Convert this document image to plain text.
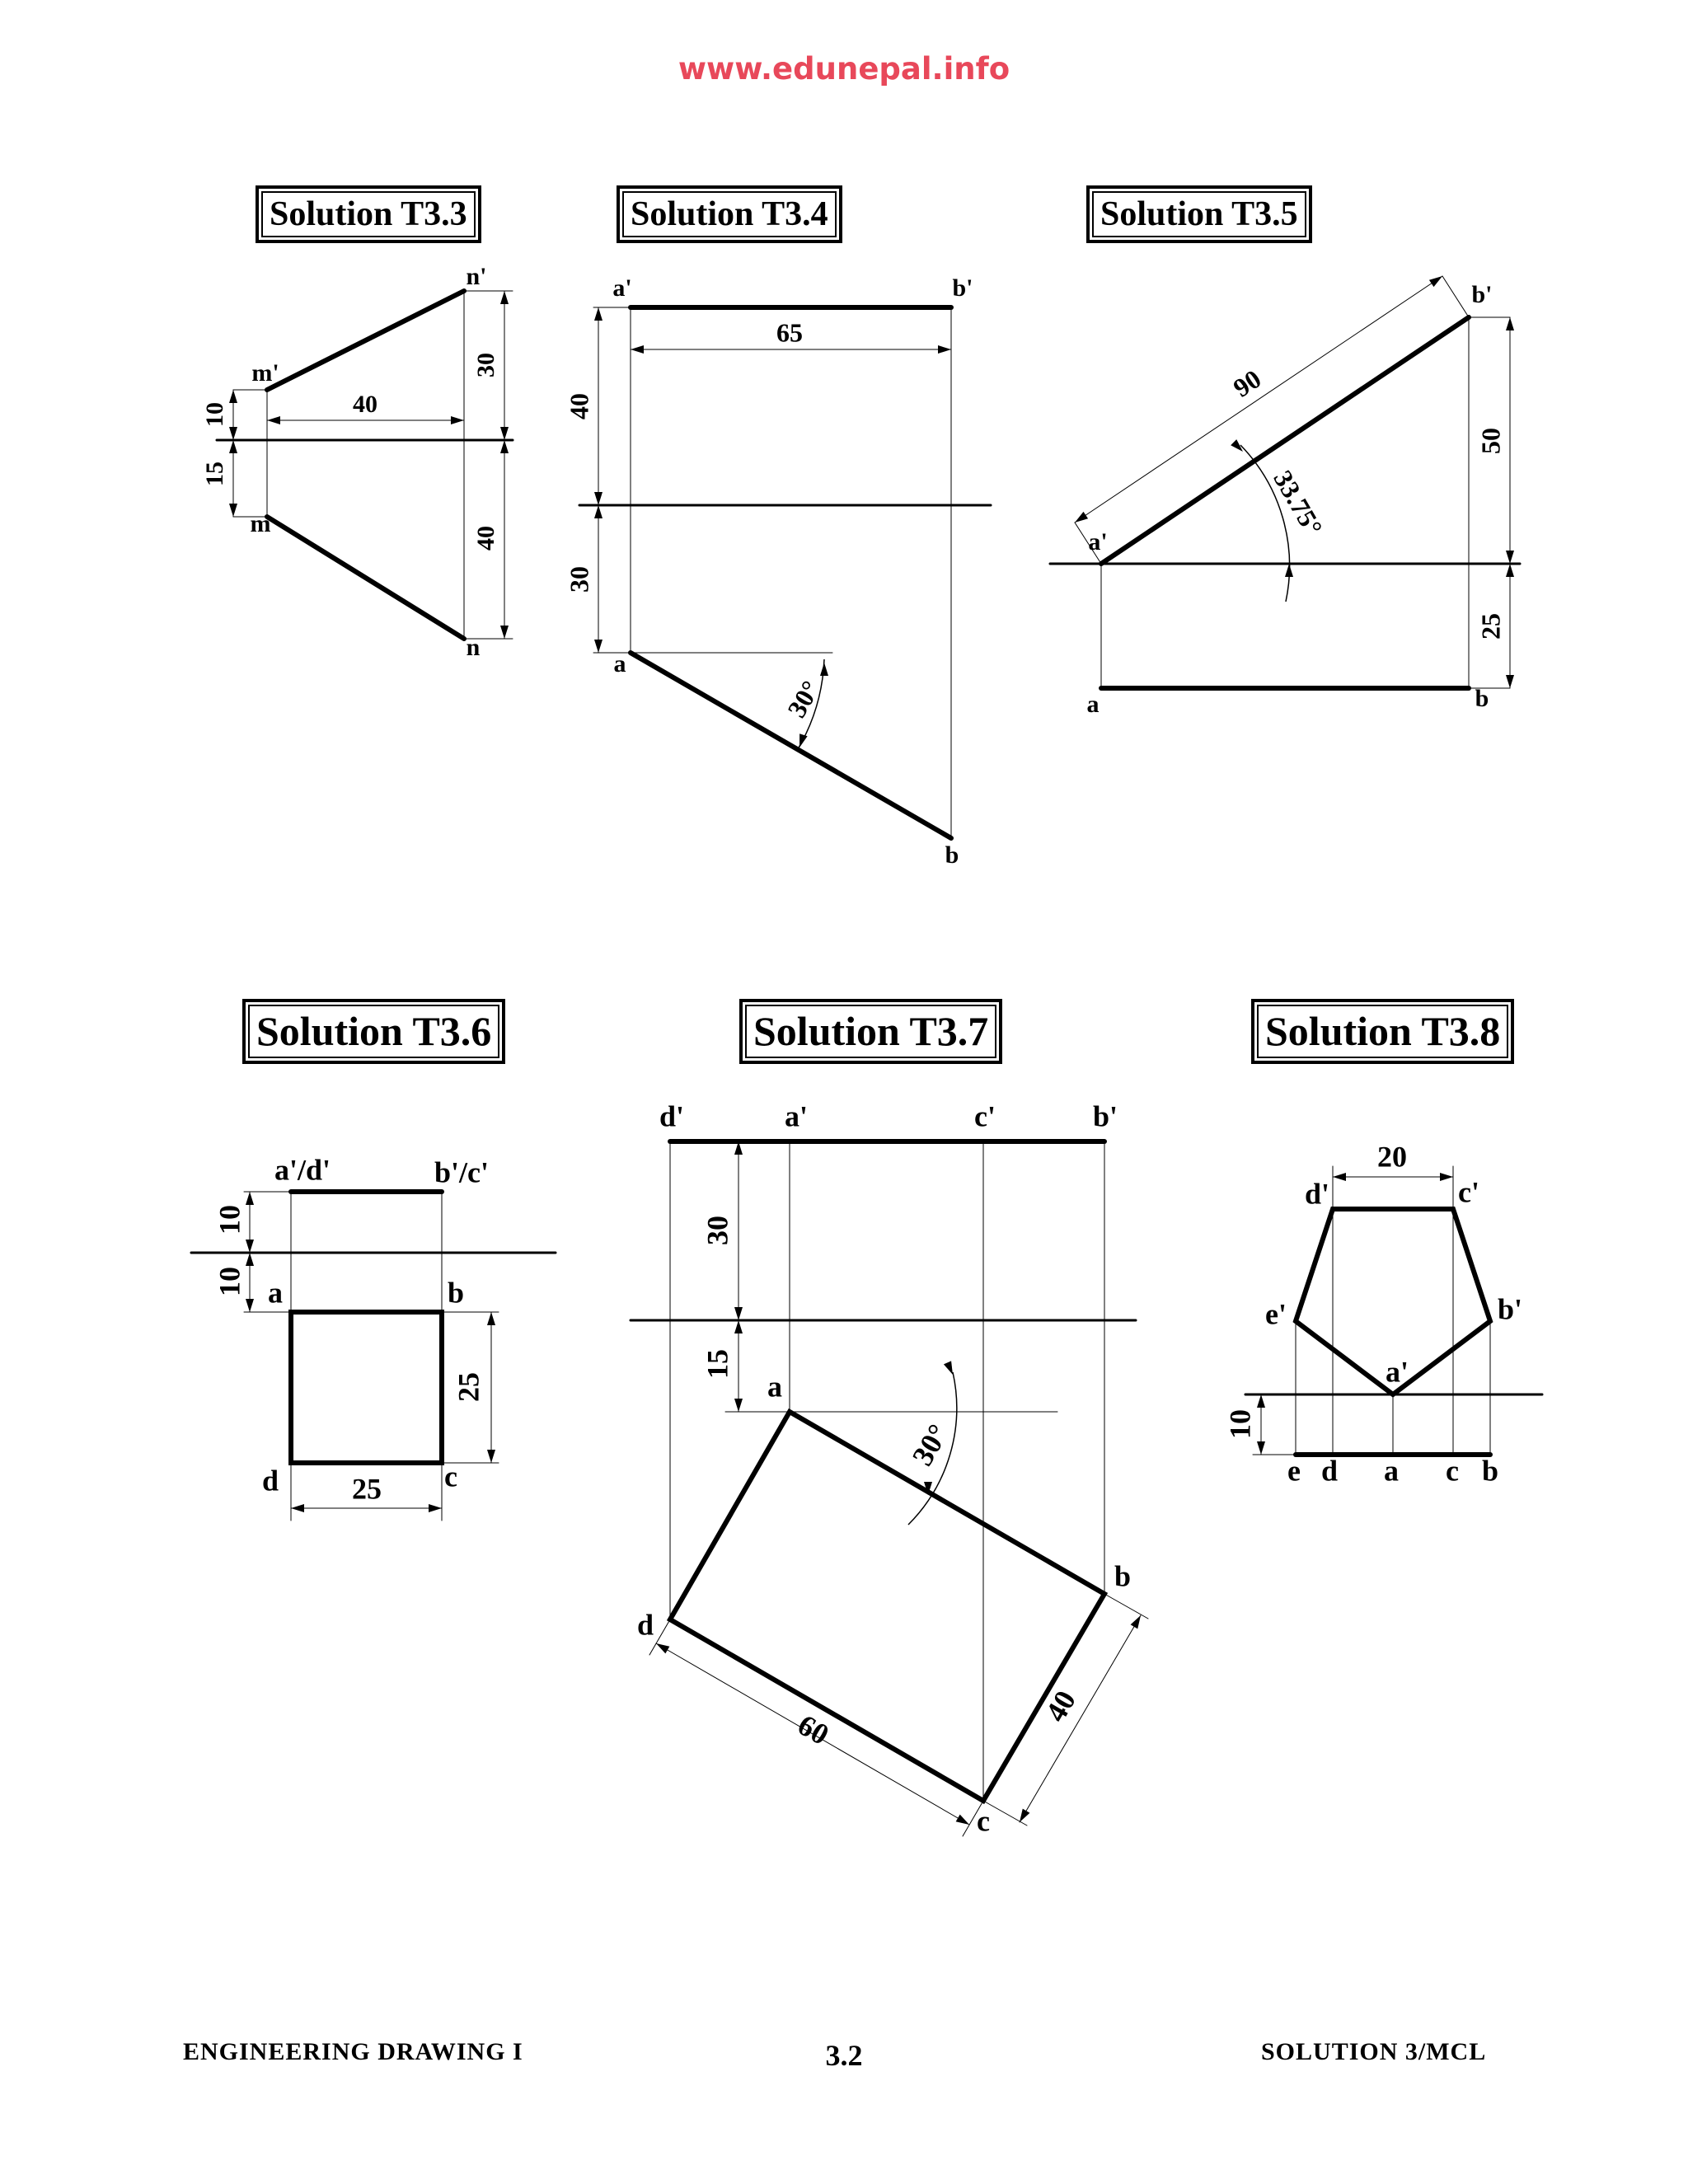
www.edunepal.info
Solution T3.3	Solution T3.4	Solution T3.5
Solution T3.6	Solution T3.7	Solution T3.8
m'
n'
m
n
10
15
40
30
40
a'	b'
a
b
65
40
30
30°
a'
b'
a	b
90
33.75°
50
25
a'/d'	b'/c'
a	b
c
d
10
10
25
25
d'	a'	c'	b'
a
b
c
d
30
15
30°
60
40
20
10
d'	c'
e'	b'
a'
e d a c b
ENGINEERING DRAWING I	3.2	SOLUTION 3/MCL
